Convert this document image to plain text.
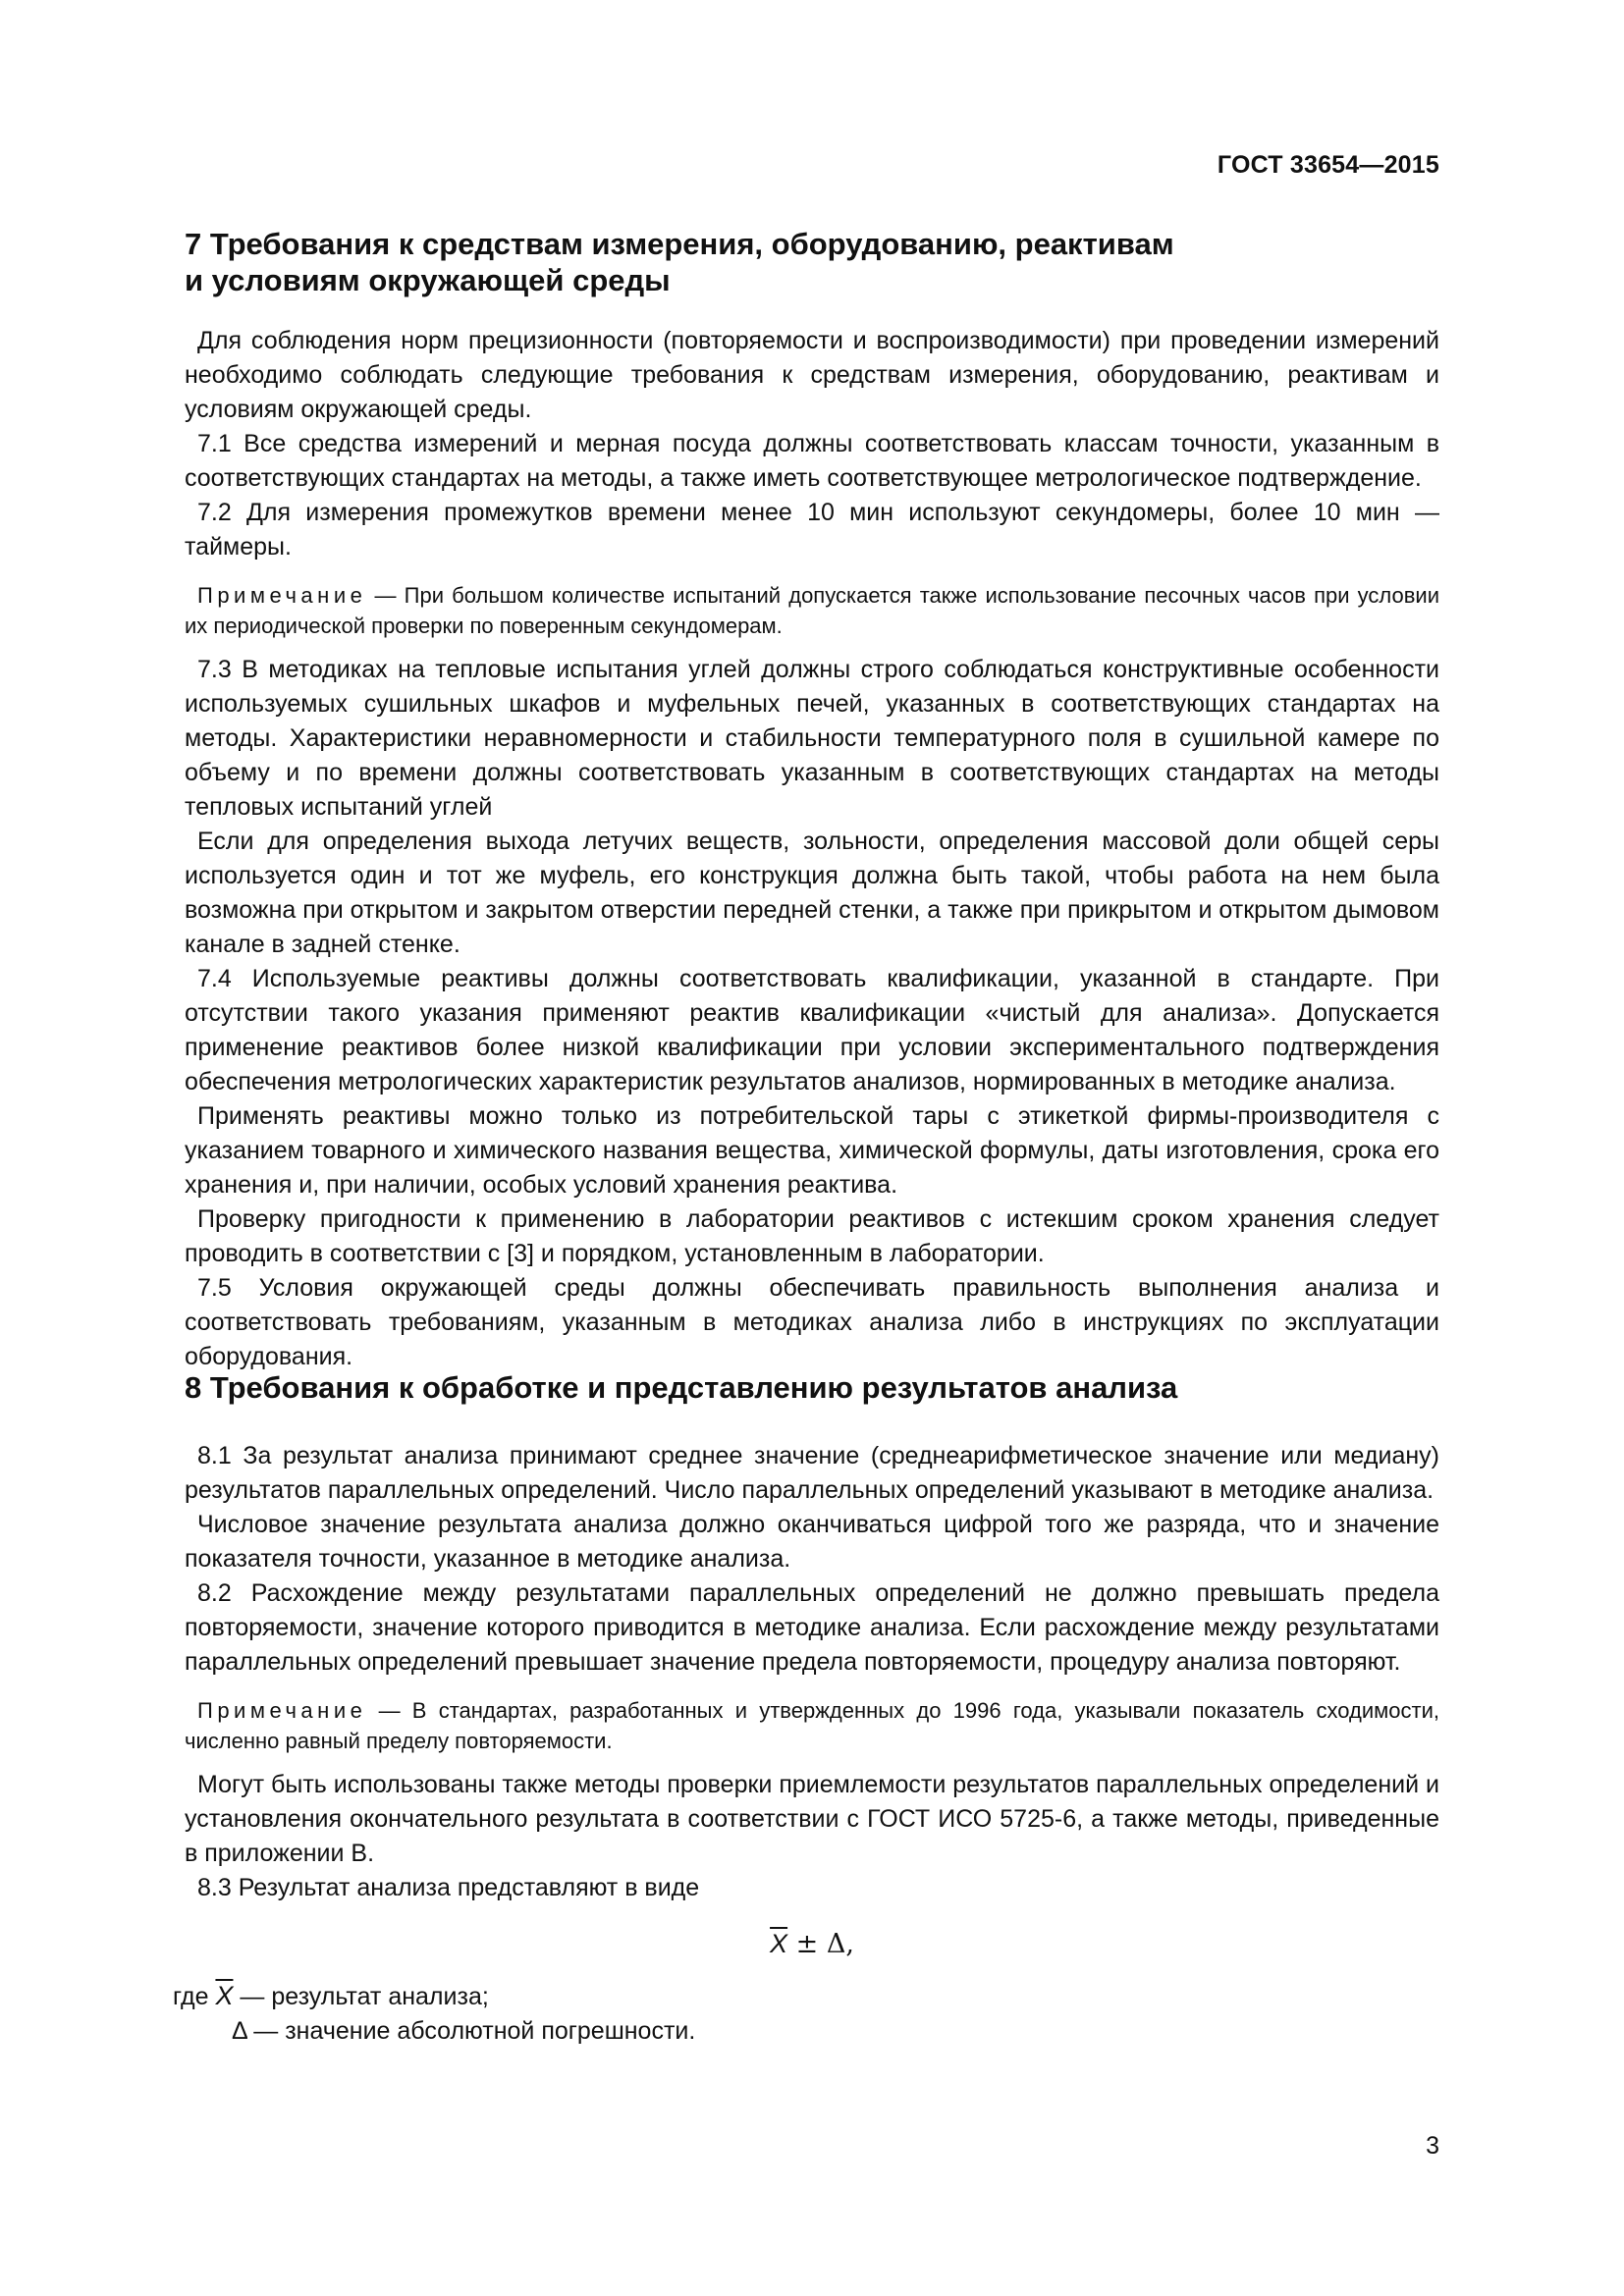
ГОСТ 33654—2015
7 Требования к средствам измерения, оборудованию, реактивам
и условиям окружающей среды

Для соблюдения норм прецизионности (повторяемости и воспроизводимости) при проведении измерений необходимо соблюдать следующие требования к средствам измерения, оборудованию, реактивам и условиям окружающей среды.

7.1 Все средства измерений и мерная посуда должны соответствовать классам точности, указанным в соответствующих стандартах на методы, а также иметь соответствующее метрологическое подтверждение.

7.2 Для измерения промежутков времени менее 10 мин используют секундомеры, более 10 мин — таймеры.

Примечание — При большом количестве испытаний допускается также использование песочных часов при условии их периодической проверки по поверенным секундомерам.

7.3 В методиках на тепловые испытания углей должны строго соблюдаться конструктивные особенности используемых сушильных шкафов и муфельных печей, указанных в соответствующих стандартах на методы. Характеристики неравномерности и стабильности температурного поля в сушильной камере по объему и по времени должны соответствовать указанным в соответствующих стандартах на методы тепловых испытаний углей

Если для определения выхода летучих веществ, зольности, определения массовой доли общей серы используется один и тот же муфель, его конструкция должна быть такой, чтобы работа на нем была возможна при открытом и закрытом отверстии передней стенки, а также при прикрытом и открытом дымовом канале в задней стенке.

7.4 Используемые реактивы должны соответствовать квалификации, указанной в стандарте. При отсутствии такого указания применяют реактив квалификации «чистый для анализа». Допускается применение реактивов более низкой квалификации при условии экспериментального подтверждения обеспечения метрологических характеристик результатов анализов, нормированных в методике анализа.

Применять реактивы можно только из потребительской тары с этикеткой фирмы-производителя с указанием товарного и химического названия вещества, химической формулы, даты изготовления, срока его хранения и, при наличии, особых условий хранения реактива.

Проверку пригодности к применению в лаборатории реактивов с истекшим сроком хранения следует проводить в соответствии с [3] и порядком, установленным в лаборатории.

7.5 Условия окружающей среды должны обеспечивать правильность выполнения анализа и соответствовать требованиям, указанным в методиках анализа либо в инструкциях по эксплуатации оборудования.

8 Требования к обработке и представлению результатов анализа

8.1 За результат анализа принимают среднее значение (среднеарифметическое значение или медиану) результатов параллельных определений. Число параллельных определений указывают в методике анализа.

Числовое значение результата анализа должно оканчиваться цифрой того же разряда, что и значение показателя точности, указанное в методике анализа.

8.2 Расхождение между результатами параллельных определений не должно превышать предела повторяемости, значение которого приводится в методике анализа. Если расхождение между результатами параллельных определений превышает значение предела повторяемости, процедуру анализа повторяют.

Примечание — В стандартах, разработанных и утвержденных до 1996 года, указывали показатель сходимости, численно равный пределу повторяемости.

Могут быть использованы также методы проверки приемлемости результатов параллельных определений и установления окончательного результата в соответствии с ГОСТ ИСО 5725-6, а также методы, приведенные в приложении В.

8.3 Результат анализа представляют в виде

$\overline{X} \pm \Delta$,

где $\overline{X}$ — результат анализа;
Δ — значение абсолютной погрешности.
3
